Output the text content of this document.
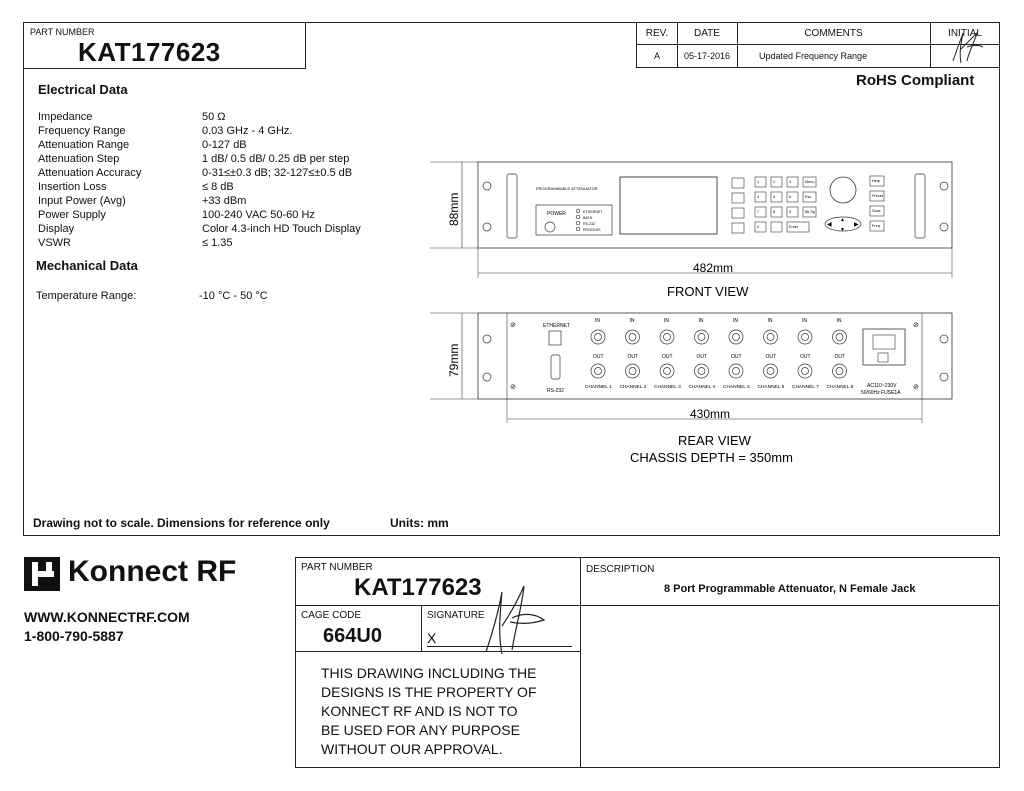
PART NUMBER
KAT177623
REV.	DATE	COMMENTS	INITIAL
A	05-17-2016	Updated Frequency Range
RoHS Compliant
Electrical Data
Impedance	50 Ω
Frequency Range	0.03 GHz - 4 GHz.
Attenuation Range	0-127 dB
Attenuation Step	1 dB/ 0.5 dB/ 0.25 dB per step
Attenuation Accuracy	0-31≤±0.3 dB; 32-127≤±0.5 dB
Insertion Loss	≤ 8 dB
Input Power (Avg)	+33 dBm
Power Supply	100-240 VAC 50-60 Hz
Display	Color 4.3-inch HD Touch Display
VSWR	≤ 1.35
Mechanical Data
Temperature Range:	-10 °C - 50 °C
PROGRAMMABLE ATTENUATOR
POWER	ETHERNET
BATH
RS-232
PROCESS
1	2	3	Menu
4	5	6	Esc
7	8	9	Bk Sp
0	.	Enter	◀	▶
▲
▼
Help
Preset
Save
Freq
88mm
482mm
FRONT VIEW
⊘
⊘
⊘
⊘
ETHERNET
RS-232
IN
OUT
CHANNEL 1
IN
OUT
CHANNEL 2
IN
OUT
CHANNEL 3
IN
OUT
CHANNEL 4
IN
OUT
CHANNEL 5
IN
OUT
CHANNEL 6
IN
OUT
CHANNEL 7
IN
OUT
CHANNEL 8	AC110~230V
50/60Hz FUSE1A
79mm
430mm
REAR VIEW
CHASSIS DEPTH = 350mm
Drawing not to scale. Dimensions for reference only	Units: mm
Konnect RF
WWW.KONNECTRF.COM
1-800-790-5887
PART NUMBER
KAT177623
DESCRIPTION
8 Port Programmable Attenuator, N Female Jack
CAGE CODE
664U0
SIGNATURE
X
THIS DRAWING INCLUDING THE
DESIGNS IS THE PROPERTY OF
KONNECT RF AND IS NOT TO
BE USED FOR ANY PURPOSE
WITHOUT OUR APPROVAL.
